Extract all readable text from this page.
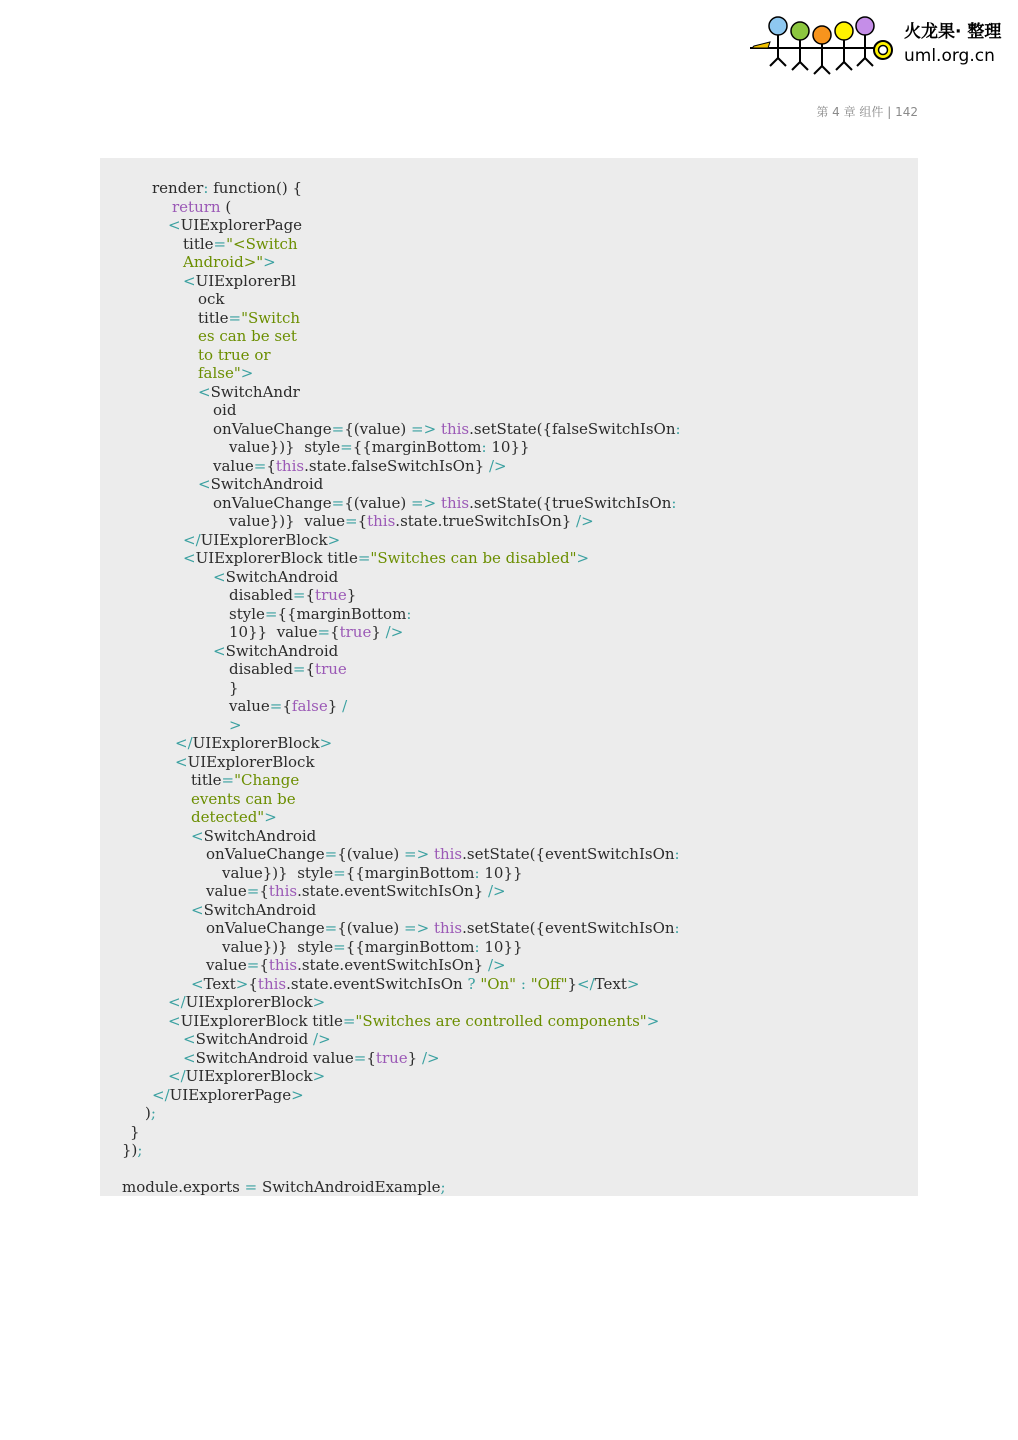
火龙果· 整理
uml.org.cn
第 4 章 组件 | 142
render: function() {
return (
<UIExplorerPage
title="<Switch
Android>">
<UIExplorerBl
ock
title="Switch
es can be set
to true or
false">
<SwitchAndr
oid
onValueChange={(value) => this.setState({falseSwitchIsOn:
value})}  style={{marginBottom: 10}}
value={this.state.falseSwitchIsOn} />
<SwitchAndroid
onValueChange={(value) => this.setState({trueSwitchIsOn:
value})}  value={this.state.trueSwitchIsOn} />
</UIExplorerBlock>
<UIExplorerBlock title="Switches can be disabled">
<SwitchAndroid
disabled={true}
style={{marginBottom:
10}}  value={true} />
<SwitchAndroid
disabled={true
}
value={false} /
>
</UIExplorerBlock>
<UIExplorerBlock
title="Change
events can be
detected">
<SwitchAndroid
onValueChange={(value) => this.setState({eventSwitchIsOn:
value})}  style={{marginBottom: 10}}
value={this.state.eventSwitchIsOn} />
<SwitchAndroid
onValueChange={(value) => this.setState({eventSwitchIsOn:
value})}  style={{marginBottom: 10}}
value={this.state.eventSwitchIsOn} />
<Text>{this.state.eventSwitchIsOn ? "On" : "Off"}</Text>
</UIExplorerBlock>
<UIExplorerBlock title="Switches are controlled components">
<SwitchAndroid />
<SwitchAndroid value={true} />
</UIExplorerBlock>
</UIExplorerPage>
);
}
});
module.exports = SwitchAndroidExample;
